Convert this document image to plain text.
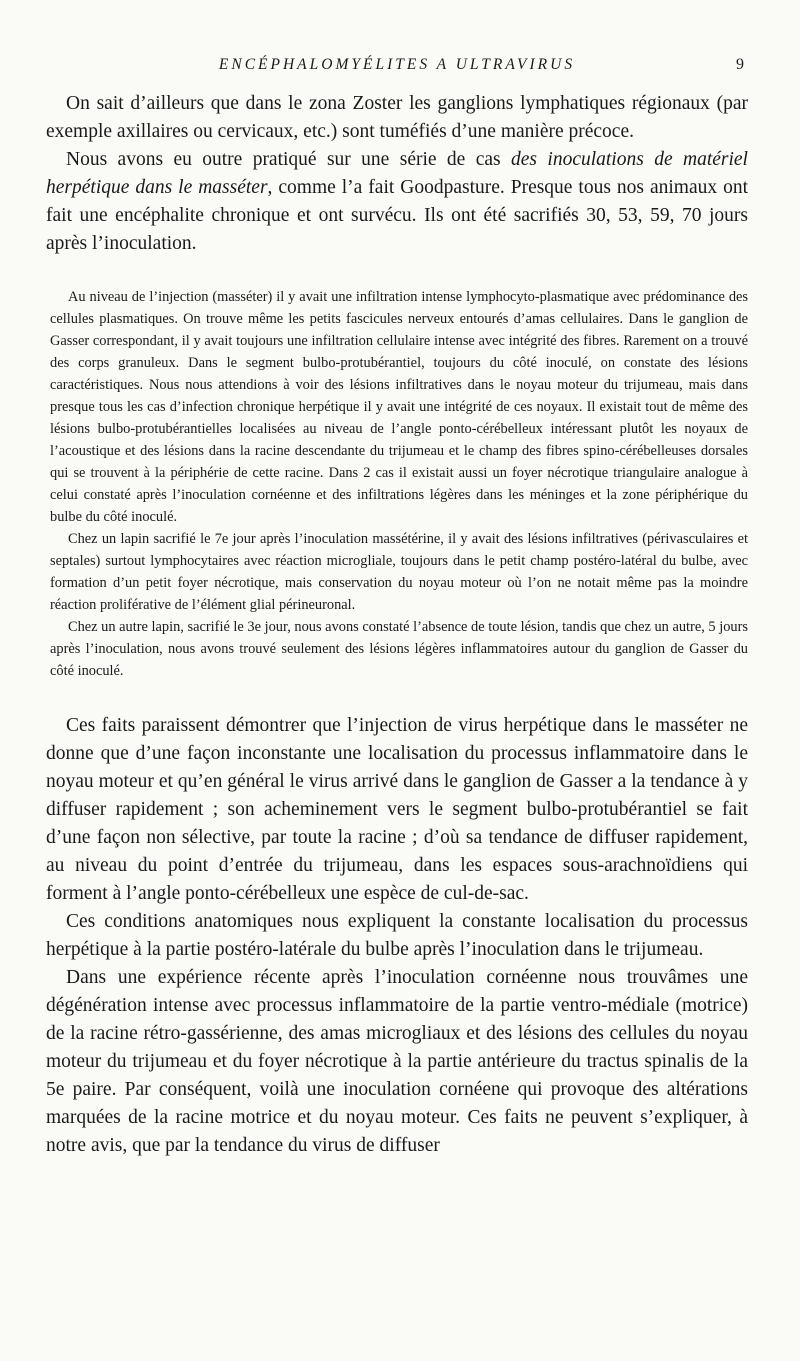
ENCÉPHALOMYÉLITES A ULTRAVIRUS	9

On sait d’ailleurs que dans le zona Zoster les ganglions lymphatiques régionaux (par exemple axillaires ou cervicaux, etc.) sont tuméfiés d’une manière précoce.

Nous avons eu outre pratiqué sur une série de cas des inoculations de matériel herpétique dans le masséter, comme l’a fait Goodpasture. Presque tous nos animaux ont fait une encéphalite chronique et ont survécu. Ils ont été sacrifiés 30, 53, 59, 70 jours après l’inoculation.

Au niveau de l’injection (masséter) il y avait une infiltration intense lymphocyto-plasmatique avec prédominance des cellules plasmatiques. On trouve même les petits fascicules nerveux entourés d’amas cellulaires. Dans le ganglion de Gasser correspondant, il y avait toujours une infiltration cellulaire intense avec intégrité des fibres. Rarement on a trouvé des corps granuleux. Dans le segment bulbo-protubérantiel, toujours du côté inoculé, on constate des lésions caractéristiques. Nous nous attendions à voir des lésions infiltratives dans le noyau moteur du trijumeau, mais dans presque tous les cas d’infection chronique herpétique il y avait une intégrité de ces noyaux. Il existait tout de même des lésions bulbo-protubérantielles localisées au niveau de l’angle ponto-cérébelleux intéressant plutôt les noyaux de l’acoustique et des lésions dans la racine descendante du trijumeau et le champ des fibres spino-cérébelleuses dorsales qui se trouvent à la périphérie de cette racine. Dans 2 cas il existait aussi un foyer nécrotique triangulaire analogue à celui constaté après l’inoculation cornéenne et des infiltrations légères dans les méninges et la zone périphérique du bulbe du côté inoculé.

Chez un lapin sacrifié le 7e jour après l’inoculation massétérine, il y avait des lésions infiltratives (périvasculaires et septales) surtout lymphocytaires avec réaction microgliale, toujours dans le petit champ postéro-latéral du bulbe, avec formation d’un petit foyer nécrotique, mais conservation du noyau moteur où l’on ne notait même pas la moindre réaction proliférative de l’élément glial périneuronal.

Chez un autre lapin, sacrifié le 3e jour, nous avons constaté l’absence de toute lésion, tandis que chez un autre, 5 jours après l’inoculation, nous avons trouvé seulement des lésions légères inflammatoires autour du ganglion de Gasser du côté inoculé.

Ces faits paraissent démontrer que l’injection de virus herpétique dans le masséter ne donne que d’une façon inconstante une localisation du processus inflammatoire dans le noyau moteur et qu’en général le virus arrivé dans le ganglion de Gasser a la tendance à y diffuser rapidement ; son acheminement vers le segment bulbo-protubérantiel se fait d’une façon non sélective, par toute la racine ; d’où sa tendance de diffuser rapidement, au niveau du point d’entrée du trijumeau, dans les espaces sous-arachnoïdiens qui forment à l’angle ponto-cérébelleux une espèce de cul-de-sac.

Ces conditions anatomiques nous expliquent la constante localisation du processus herpétique à la partie postéro-latérale du bulbe après l’inoculation dans le trijumeau.

Dans une expérience récente après l’inoculation cornéenne nous trouvâmes une dégénération intense avec processus inflammatoire de la partie ventro-médiale (motrice) de la racine rétro-gassérienne, des amas microgliaux et des lésions des cellules du noyau moteur du trijumeau et du foyer nécrotique à la partie antérieure du tractus spinalis de la 5e paire. Par conséquent, voilà une inoculation cornéene qui provoque des altérations marquées de la racine motrice et du noyau moteur. Ces faits ne peuvent s’expliquer, à notre avis, que par la tendance du virus de diffuser
